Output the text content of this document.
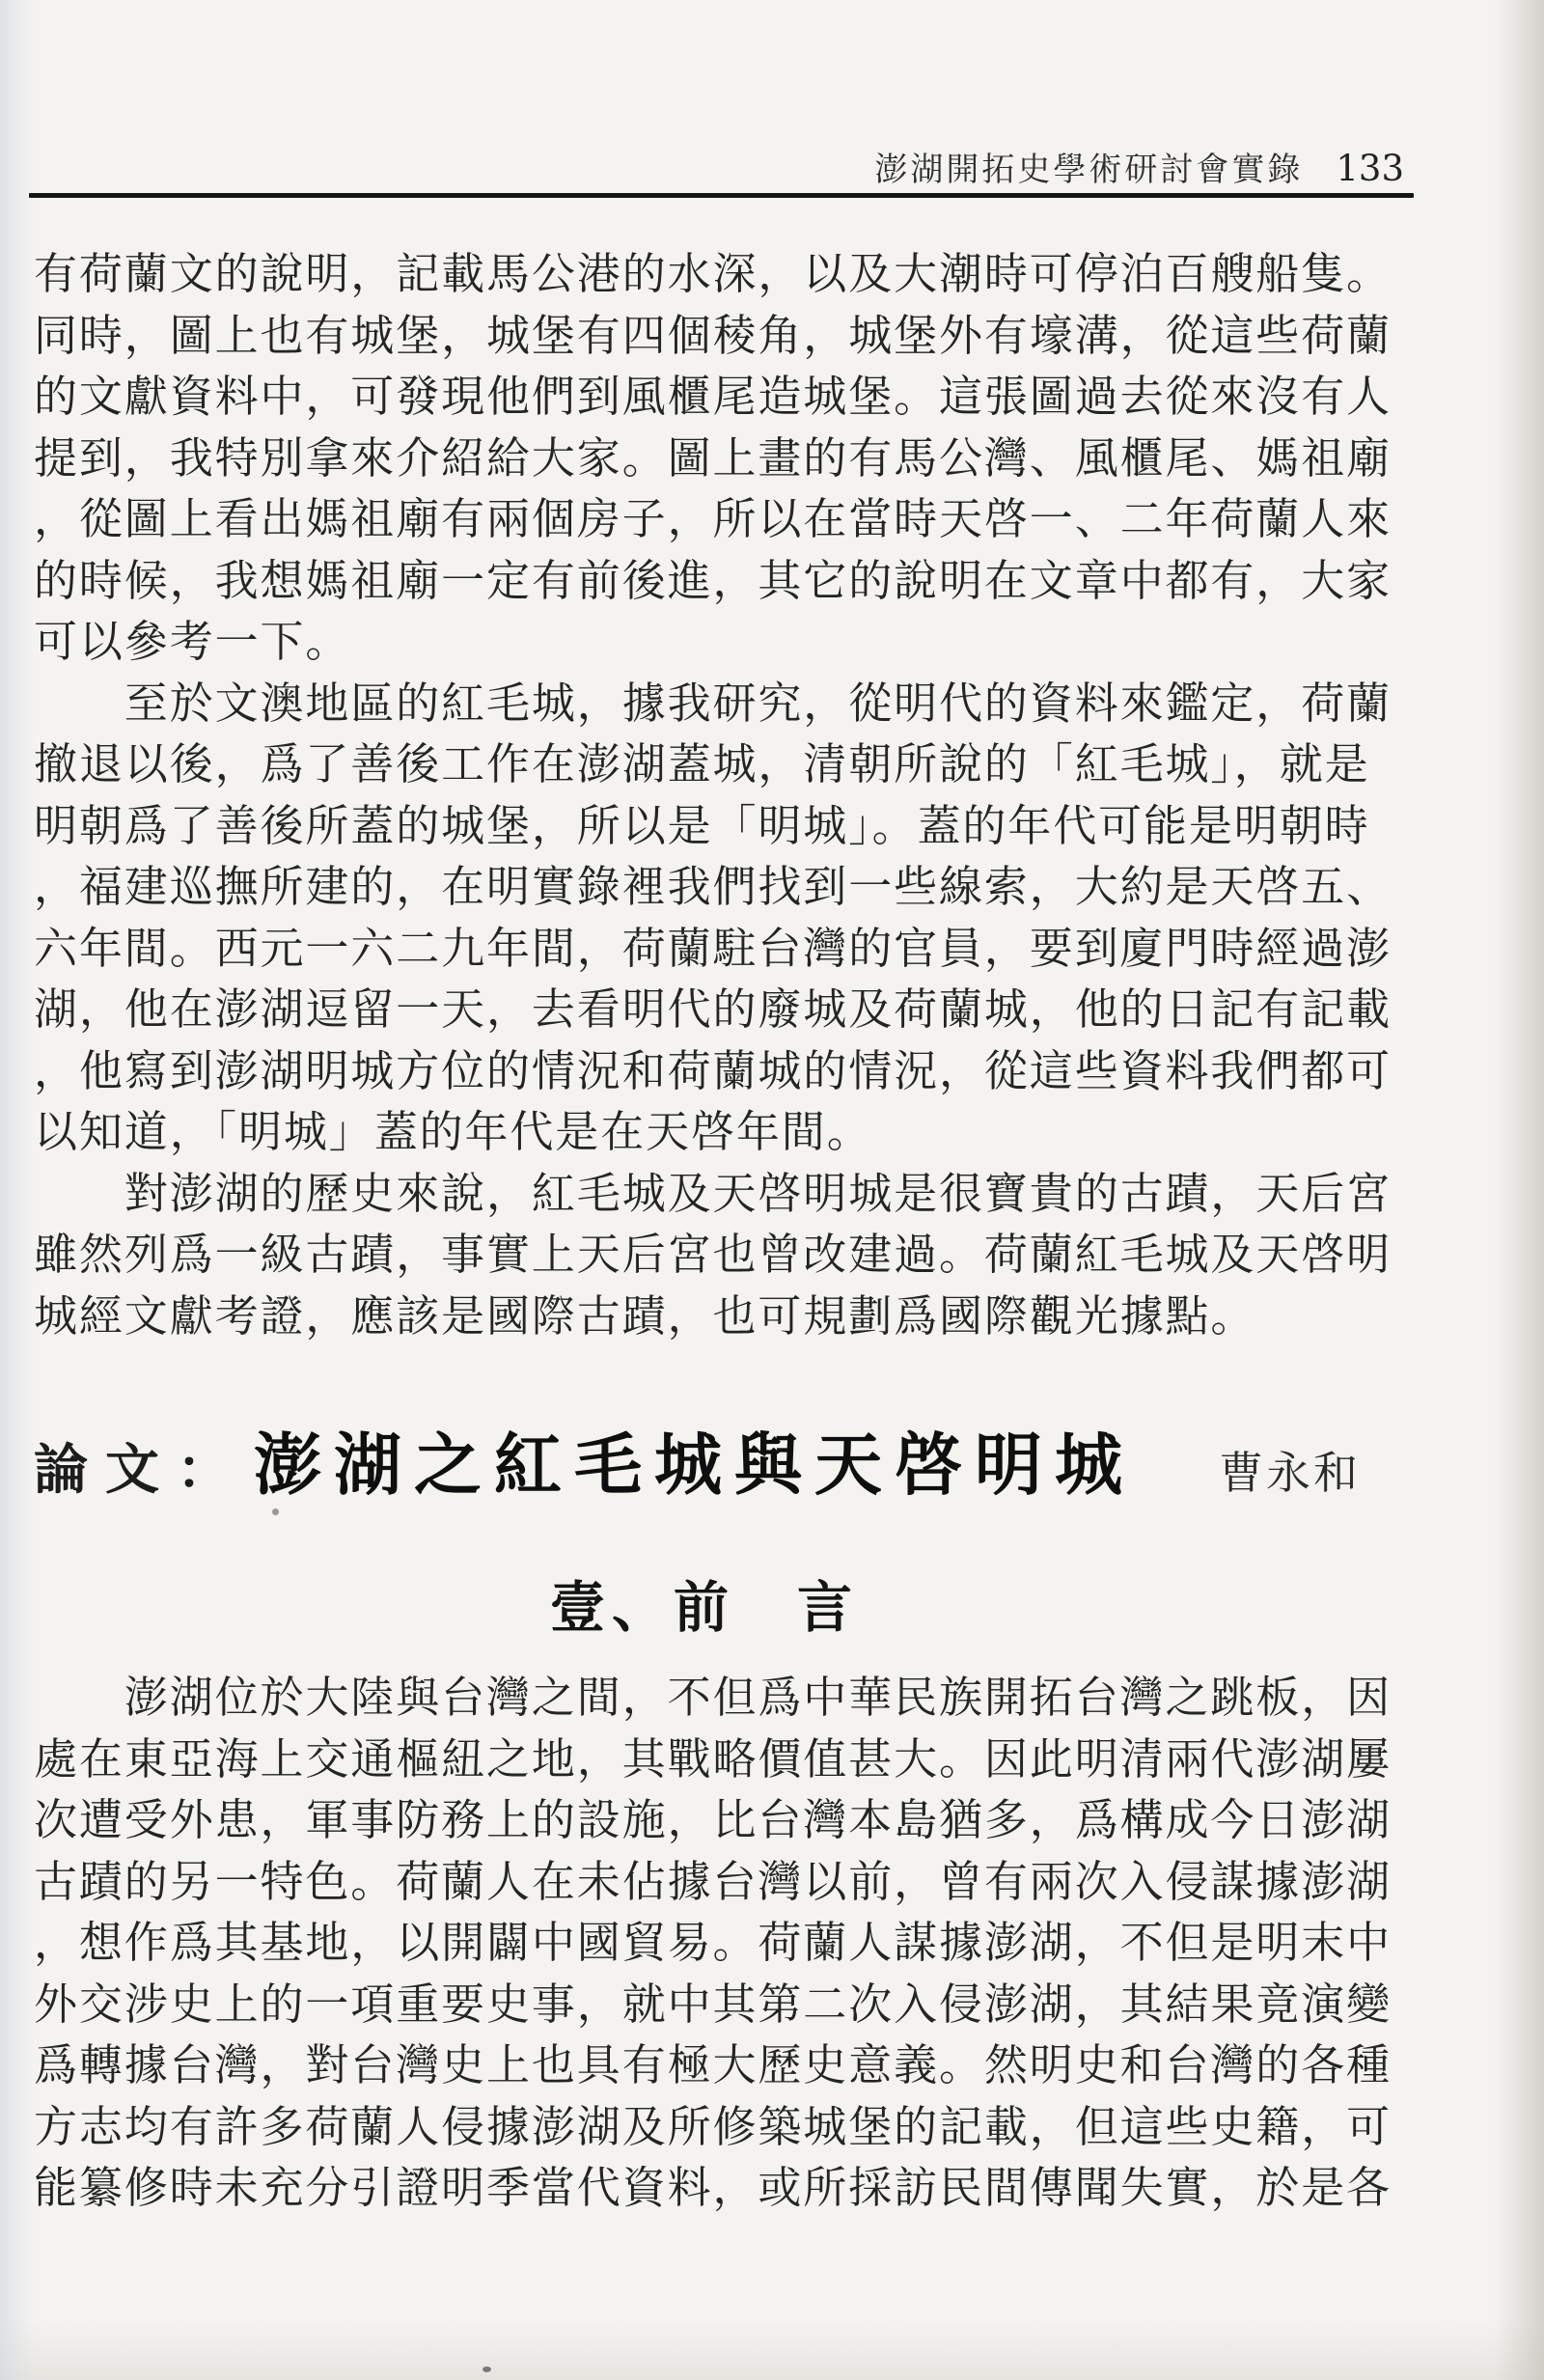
澎湖開拓史學術研討會實錄 133
有荷蘭文的說明，記載馬公港的水深，以及大潮時可停泊百艘船隻。
同時，圖上也有城堡，城堡有四個稜角，城堡外有壕溝，從這些荷蘭
的文獻資料中，可發現他們到風櫃尾造城堡。這張圖過去從來沒有人
提到，我特別拿來介紹給大家。圖上畫的有馬公灣、風櫃尾、媽祖廟
，從圖上看出媽祖廟有兩個房子，所以在當時天啓一、二年荷蘭人來
的時候，我想媽祖廟一定有前後進，其它的說明在文章中都有，大家
可以參考一下。
　　至於文澳地區的紅毛城，據我研究，從明代的資料來鑑定，荷蘭
撤退以後，爲了善後工作在澎湖蓋城，清朝所說的「紅毛城」，就是
明朝爲了善後所蓋的城堡，所以是「明城」。蓋的年代可能是明朝時
，福建巡撫所建的，在明實錄裡我們找到一些線索，大約是天啓五、
六年間。西元一六二九年間，荷蘭駐台灣的官員，要到廈門時經過澎
湖，他在澎湖逗留一天，去看明代的廢城及荷蘭城，他的日記有記載
，他寫到澎湖明城方位的情況和荷蘭城的情況，從這些資料我們都可
以知道，「明城」蓋的年代是在天啓年間。
　　對澎湖的歷史來說，紅毛城及天啓明城是很寶貴的古蹟，天后宮
雖然列爲一級古蹟，事實上天后宮也曾改建過。荷蘭紅毛城及天啓明
城經文獻考證，應該是國際古蹟，也可規劃爲國際觀光據點。
論文： 澎湖之紅毛城與天啓明城 曹永和
壹、前　言
　　澎湖位於大陸與台灣之間，不但爲中華民族開拓台灣之跳板，因
處在東亞海上交通樞紐之地，其戰略價值甚大。因此明清兩代澎湖屢
次遭受外患，軍事防務上的設施，比台灣本島猶多，爲構成今日澎湖
古蹟的另一特色。荷蘭人在未佔據台灣以前，曾有兩次入侵謀據澎湖
，想作爲其基地，以開闢中國貿易。荷蘭人謀據澎湖，不但是明末中
外交涉史上的一項重要史事，就中其第二次入侵澎湖，其結果竟演變
爲轉據台灣，對台灣史上也具有極大歷史意義。然明史和台灣的各種
方志均有許多荷蘭人侵據澎湖及所修築城堡的記載，但這些史籍，可
能纂修時未充分引證明季當代資料，或所採訪民間傳聞失實，於是各
